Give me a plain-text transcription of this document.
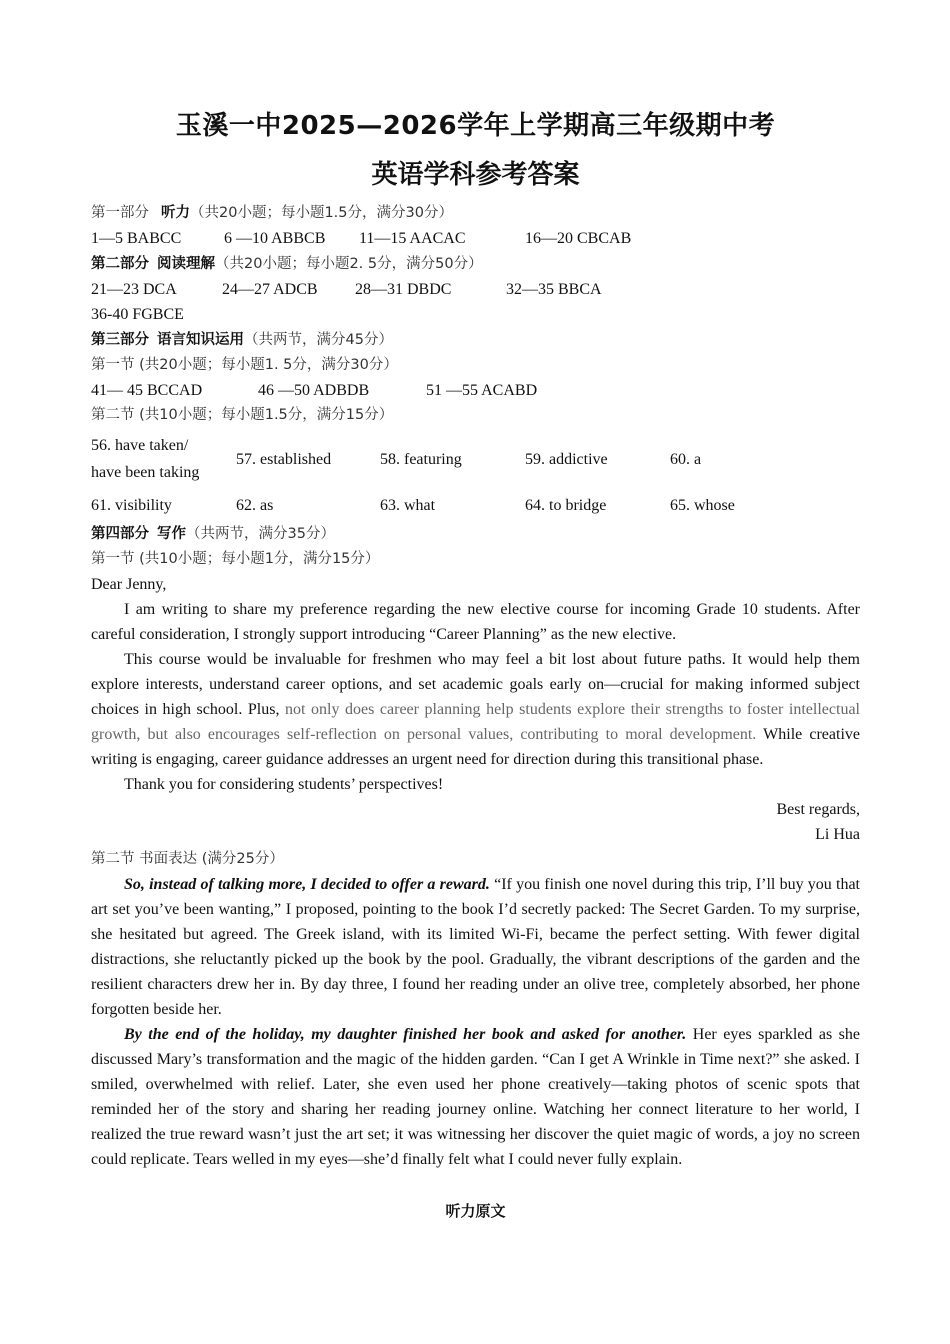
玉溪一中2025—2026学年上学期高三年级期中考
英语学科参考答案
第一部分 听力（共20小题；每小题1.5分，满分30分）
1—5 BABCC	6 —10 ABBCB 11—15 AACAC	16—20 CBCAB
第二部分 阅读理解（共20小题；每小题2. 5分，满分50分）
21—23 DCA	24—27 ADCB 28—31 DBDC	32—35 BBCA
36-40 FGBCE
第三部分 语言知识运用（共两节，满分45分）
第一节 (共20小题；每小题1. 5分，满分30分）
41— 45 BCCAD	46 —50 ADBDB	51 —55 ACABD
第二节 (共10小题；每小题1.5分，满分15分）
56. have taken/
have been taking
57. established	58. featuring	59. addictive	60. a
61. visibility	62. as	63. what	64. to bridge	65. whose
第四部分 写作（共两节，满分35分）
第一节 (共10小题；每小题1分，满分15分）
Dear Jenny,

I am writing to share my preference regarding the new elective course for incoming Grade 10 students. After careful consideration, I strongly support introducing “Career Planning” as the new elective.

This course would be invaluable for freshmen who may feel a bit lost about future paths. It would help them explore interests, understand career options, and set academic goals early on—crucial for making informed subject choices in high school. Plus, not only does career planning help students explore their strengths to foster intellectual growth, but also encourages self-reflection on personal values, contributing to moral development. While creative writing is engaging, career guidance addresses an urgent need for direction during this transitional phase.

Thank you for considering students’ perspectives!

Best regards,
Li Hua
第二节 书面表达 (满分25分）

So, instead of talking more, I decided to offer a reward. “If you finish one novel during this trip, I’ll buy you that art set you’ve been wanting,” I proposed, pointing to the book I’d secretly packed: The Secret Garden. To my surprise, she hesitated but agreed. The Greek island, with its limited Wi-Fi, became the perfect setting. With fewer digital distractions, she reluctantly picked up the book by the pool. Gradually, the vibrant descriptions of the garden and the resilient characters drew her in. By day three, I found her reading under an olive tree, completely absorbed, her phone forgotten beside her.

By the end of the holiday, my daughter finished her book and asked for another. Her eyes sparkled as she discussed Mary’s transformation and the magic of the hidden garden. “Can I get A Wrinkle in Time next?” she asked. I smiled, overwhelmed with relief. Later, she even used her phone creatively—taking photos of scenic spots that reminded her of the story and sharing her reading journey online. Watching her connect literature to her world, I realized the true reward wasn’t just the art set; it was witnessing her discover the quiet magic of words, a joy no screen could replicate. Tears welled in my eyes—she’d finally felt what I could never fully explain.

听力原文
